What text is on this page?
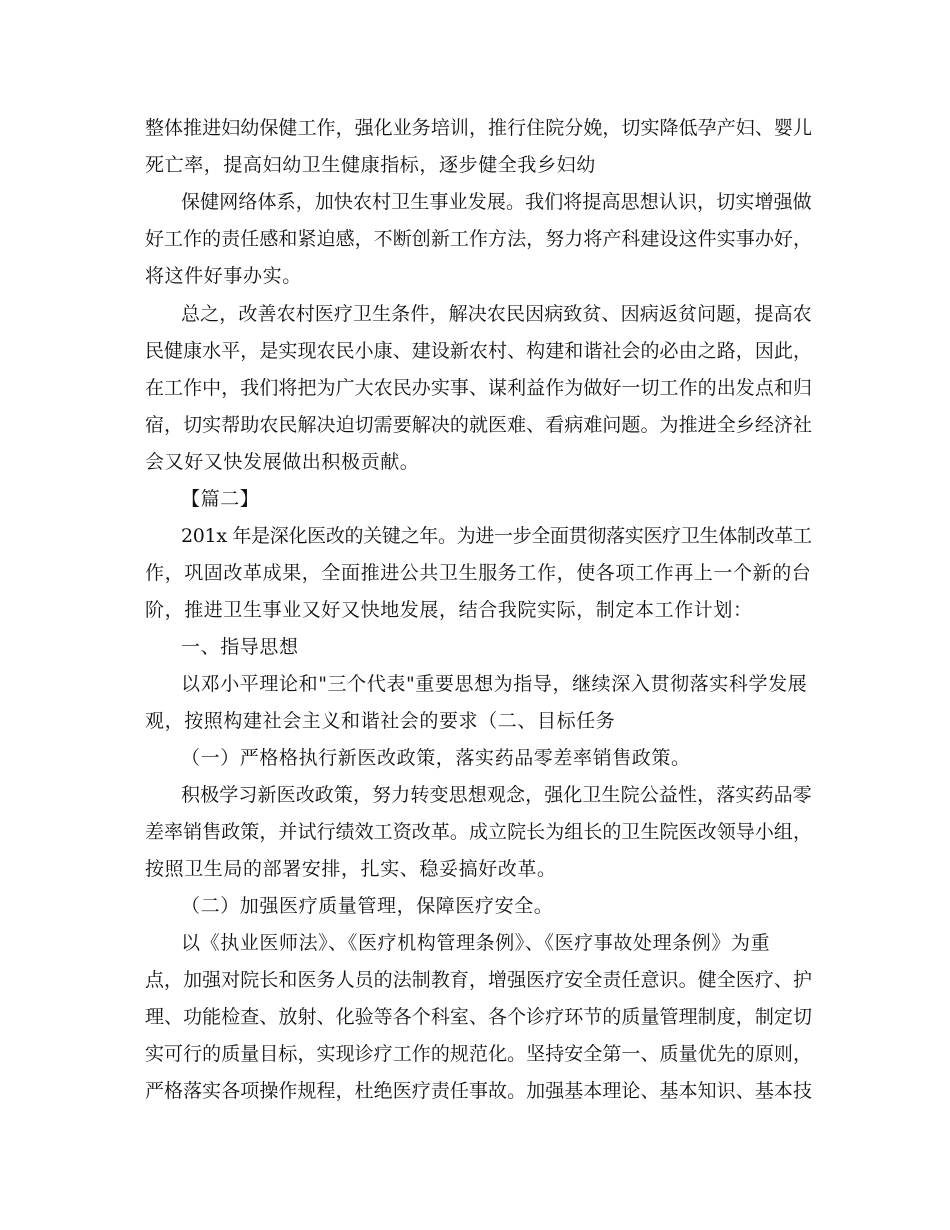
整体推进妇幼保健工作，强化业务培训，推行住院分娩，切实降低孕产妇、婴儿
死亡率，提高妇幼卫生健康指标，逐步健全我乡妇幼
保健网络体系，加快农村卫生事业发展。我们将提高思想认识，切实增强做
好工作的责任感和紧迫感，不断创新工作方法，努力将产科建设这件实事办好，
将这件好事办实。
总之，改善农村医疗卫生条件，解决农民因病致贫、因病返贫问题，提高农
民健康水平，是实现农民小康、建设新农村、构建和谐社会的必由之路，因此，
在工作中，我们将把为广大农民办实事、谋利益作为做好一切工作的出发点和归
宿，切实帮助农民解决迫切需要解决的就医难、看病难问题。为推进全乡经济社
会又好又快发展做出积极贡献。
【篇二】
201x 年是深化医改的关键之年。为进一步全面贯彻落实医疗卫生体制改革工
作，巩固改革成果，全面推进公共卫生服务工作，使各项工作再上一个新的台
阶，推进卫生事业又好又快地发展，结合我院实际，制定本工作计划：
一、指导思想
以邓小平理论和"三个代表"重要思想为指导，继续深入贯彻落实科学发展
观，按照构建社会主义和谐社会的要求（二、目标任务
（一）严格格执行新医改政策，落实药品零差率销售政策。
积极学习新医改政策，努力转变思想观念，强化卫生院公益性，落实药品零
差率销售政策，并试行绩效工资改革。成立院长为组长的卫生院医改领导小组，
按照卫生局的部署安排，扎实、稳妥搞好改革。
（二）加强医疗质量管理，保障医疗安全。
以《执业医师法》、《医疗机构管理条例》、《医疗事故处理条例》为重
点，加强对院长和医务人员的法制教育，增强医疗安全责任意识。健全医疗、护
理、功能检查、放射、化验等各个科室、各个诊疗环节的质量管理制度，制定切
实可行的质量目标，实现诊疗工作的规范化。坚持安全第一、质量优先的原则，
严格落实各项操作规程，杜绝医疗责任事故。加强基本理论、基本知识、基本技
